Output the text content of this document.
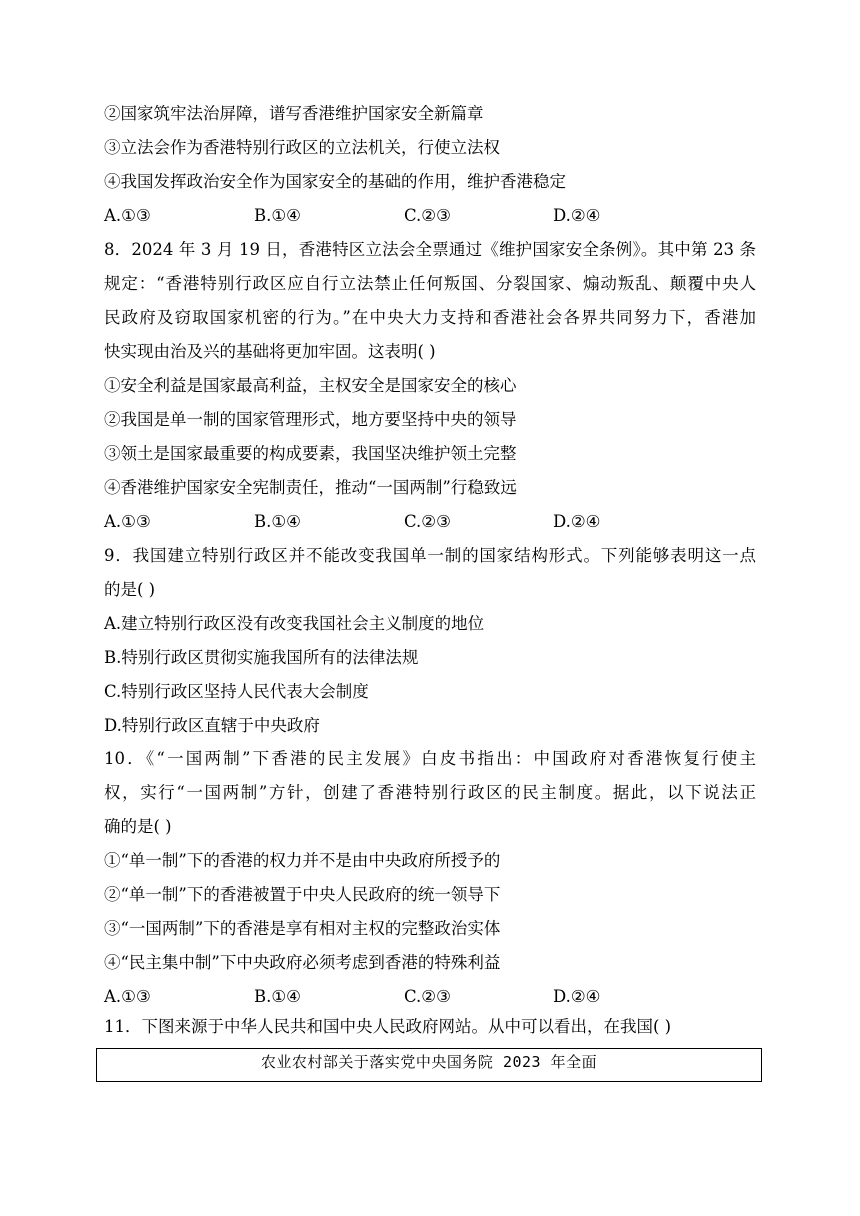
②国家筑牢法治屏障，谱写香港维护国家安全新篇章
③立法会作为香港特别行政区的立法机关，行使立法权
④我国发挥政治安全作为国家安全的基础的作用，维护香港稳定
A.①③	B.①④	C.②③	D.②④
8．2024 年 3 月 19 日，香港特区立法会全票通过《维护国家安全条例》。其中第 23 条
规定：“香港特别行政区应自行立法禁止任何叛国、分裂国家、煽动叛乱、颠覆中央人
民政府及窃取国家机密的行为。”在中央大力支持和香港社会各界共同努力下，香港加
快实现由治及兴的基础将更加牢固。这表明( )
①安全利益是国家最高利益，主权安全是国家安全的核心
②我国是单一制的国家管理形式，地方要坚持中央的领导
③领土是国家最重要的构成要素，我国坚决维护领土完整
④香港维护国家安全宪制责任，推动“一国两制”行稳致远
A.①③	B.①④	C.②③	D.②④
9．我国建立特别行政区并不能改变我国单一制的国家结构形式。下列能够表明这一点
的是( )
A.建立特别行政区没有改变我国社会主义制度的地位
B.特别行政区贯彻实施我国所有的法律法规
C.特别行政区坚持人民代表大会制度
D.特别行政区直辖于中央政府
10．《“一国两制”下香港的民主发展》白皮书指出：中国政府对香港恢复行使主
权，实行“一国两制”方针，创建了香港特别行政区的民主制度。据此，以下说法正
确的是( )
①“单一制”下的香港的权力并不是由中央政府所授予的
②“单一制”下的香港被置于中央人民政府的统一领导下
③“一国两制”下的香港是享有相对主权的完整政治实体
④“民主集中制”下中央政府必须考虑到香港的特殊利益
A.①③	B.①④	C.②③	D.②④
11．下图来源于中华人民共和国中央人民政府网站。从中可以看出，在我国( )
农业农村部关于落实党中央国务院 2023 年全面
